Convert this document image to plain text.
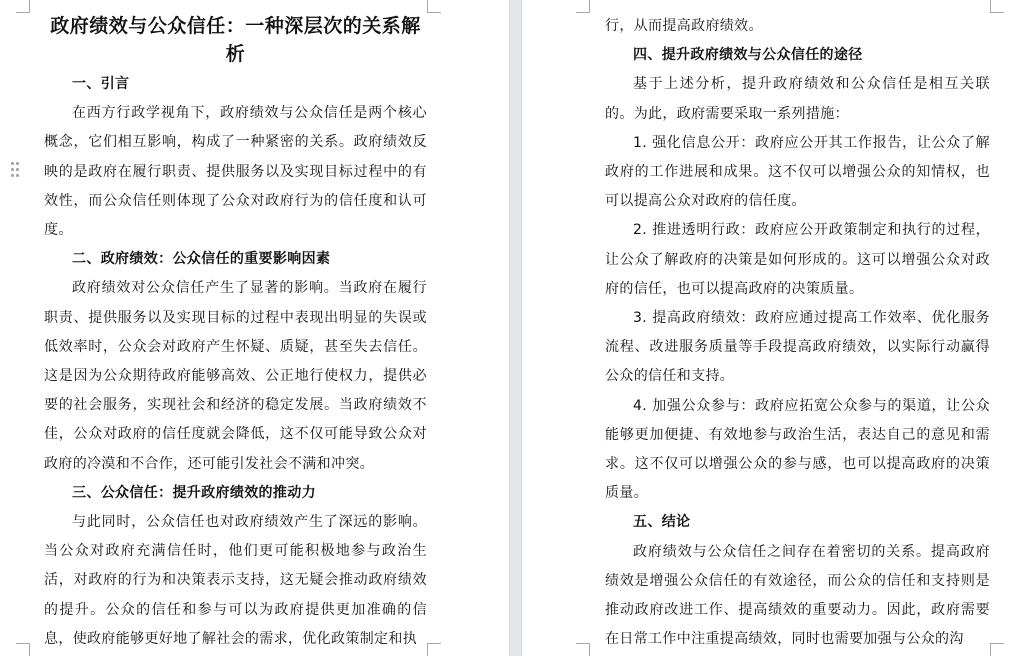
政府绩效与公众信任：一种深层次的关系解析

一、引言

在西方行政学视角下，政府绩效与公众信任是两个核心概念，它们相互影响，构成了一种紧密的关系。政府绩效反映的是政府在履行职责、提供服务以及实现目标过程中的有效性，而公众信任则体现了公众对政府行为的信任度和认可度。

二、政府绩效：公众信任的重要影响因素

政府绩效对公众信任产生了显著的影响。当政府在履行职责、提供服务以及实现目标的过程中表现出明显的失误或低效率时，公众会对政府产生怀疑、质疑，甚至失去信任。这是因为公众期待政府能够高效、公正地行使权力，提供必要的社会服务，实现社会和经济的稳定发展。当政府绩效不佳，公众对政府的信任度就会降低，这不仅可能导致公众对政府的冷漠和不合作，还可能引发社会不满和冲突。

三、公众信任：提升政府绩效的推动力

与此同时，公众信任也对政府绩效产生了深远的影响。当公众对政府充满信任时，他们更可能积极地参与政治生活，对政府的行为和决策表示支持，这无疑会推动政府绩效的提升。公众的信任和参与可以为政府提供更加准确的信息，使政府能够更好地了解社会的需求，优化政策制定和执

行，从而提高政府绩效。

四、提升政府绩效与公众信任的途径

基于上述分析，提升政府绩效和公众信任是相互关联的。为此，政府需要采取一系列措施：

1. 强化信息公开：政府应公开其工作报告，让公众了解政府的工作进展和成果。这不仅可以增强公众的知情权，也可以提高公众对政府的信任度。

2. 推进透明行政：政府应公开政策制定和执行的过程，让公众了解政府的决策是如何形成的。这可以增强公众对政府的信任，也可以提高政府的决策质量。

3. 提高政府绩效：政府应通过提高工作效率、优化服务流程、改进服务质量等手段提高政府绩效，以实际行动赢得公众的信任和支持。

4. 加强公众参与：政府应拓宽公众参与的渠道，让公众能够更加便捷、有效地参与政治生活，表达自己的意见和需求。这不仅可以增强公众的参与感，也可以提高政府的决策质量。

五、结论

政府绩效与公众信任之间存在着密切的关系。提高政府绩效是增强公众信任的有效途径，而公众的信任和支持则是推动政府改进工作、提高绩效的重要动力。因此，政府需要在日常工作中注重提高绩效，同时也需要加强与公众的沟
